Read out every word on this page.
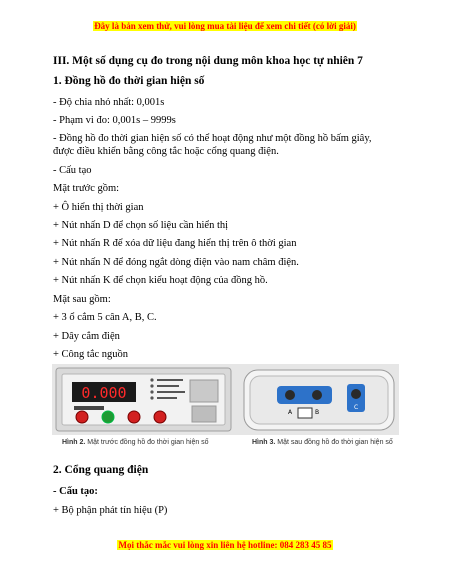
Đây là bản xem thử, vui lòng mua tài liệu để xem chi tiết (có lời giải)
III. Một số dụng cụ đo trong nội dung môn khoa học tự nhiên 7
1. Đồng hồ đo thời gian hiện số
- Độ chia nhỏ nhất: 0,001s
- Phạm vi đo: 0,001s – 9999s
- Đồng hồ đo thời gian hiện số có thể hoạt động như một đồng hồ bấm giây,
được điều khiển bằng công tắc hoặc cổng quang điện.
- Cấu tạo
Mặt trước gồm:
+ Ô hiển thị thời gian
+ Nút nhấn D để chọn số liệu cần hiển thị
+ Nút nhấn R để xóa dữ liệu đang hiển thị trên ô thời gian
+ Nút nhấn N để đóng ngắt dòng điện vào nam châm điện.
+ Nút nhấn K để chọn kiểu hoạt động của đồng hồ.
Mặt sau gồm:
+ 3 ổ cắm 5 cân A, B, C.
+ Dây cắm điện
+ Công tắc nguồn
0.000
A	B
C
Hình 2. Mặt trước đồng hồ đo thời gian hiện số	Hình 3. Mặt sau đồng hồ đo thời gian hiện số
2. Cổng quang điện
- Cấu tạo:
+ Bộ phận phát tín hiệu (P)
Mọi thắc mắc vui lòng xin liên hệ hotline: 084 283 45 85
